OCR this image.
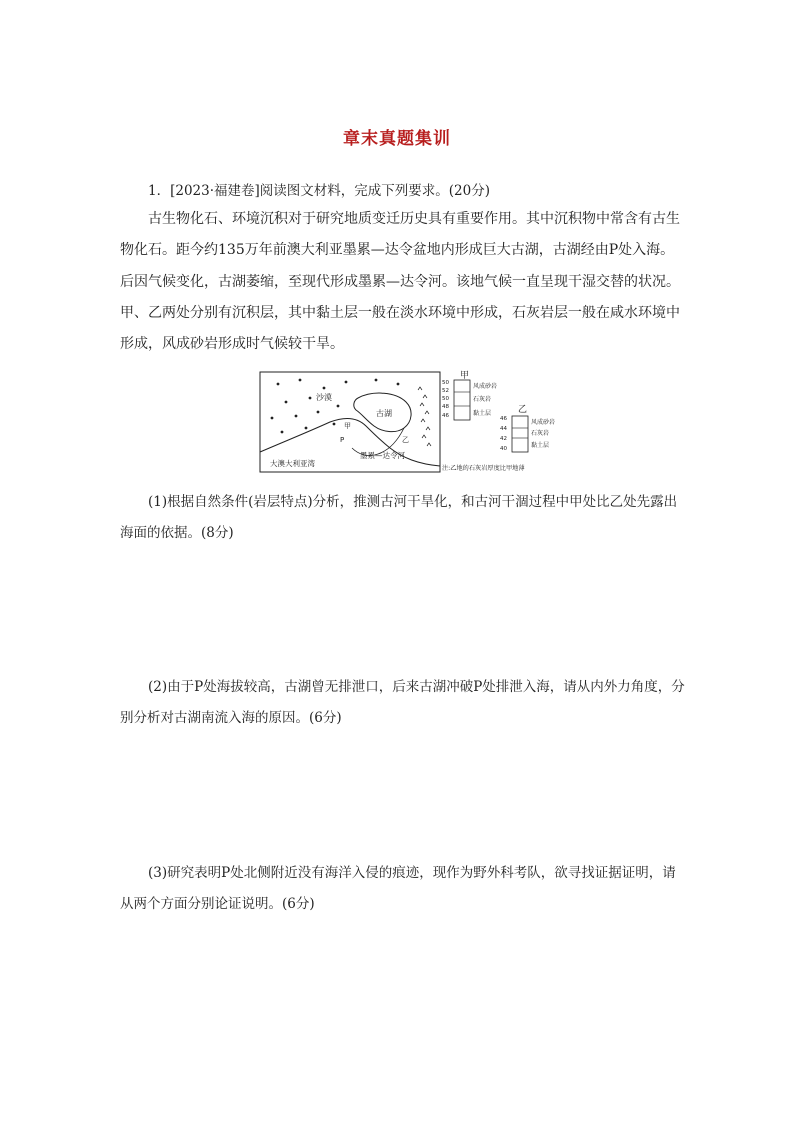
章末真题集训
1．[2023·福建卷]阅读图文材料，完成下列要求。(20分)
古生物化石、环境沉积对于研究地质变迁历史具有重要作用。其中沉积物中常含有古生物化石。距今约135万年前澳大利亚墨累—达令盆地内形成巨大古湖，古湖经由P处入海。后因气候变化，古湖萎缩，至现代形成墨累—达令河。该地气候一直呈现干湿交替的状况。甲、乙两处分别有沉积层，其中黏土层一般在淡水环境中形成，石灰岩层一般在咸水环境中形成，风成砂岩形成时气候较干旱。
沙漠
古湖
大澳大利亚湾
墨累—达令河
甲
P	乙
甲
50
52
50
48
46
风成砂岩
石灰岩
黏土层	乙
46
44
42
40
风成砂岩
石灰岩
黏土层
注:乙地的石灰岩厚度比甲地薄
(1)根据自然条件(岩层特点)分析，推测古河干旱化，和古河干涸过程中甲处比乙处先露出海面的依据。(8分)
(2)由于P处海拔较高，古湖曾无排泄口，后来古湖冲破P处排泄入海，请从内外力角度，分别分析对古湖南流入海的原因。(6分)
(3)研究表明P处北侧附近没有海洋入侵的痕迹，现作为野外科考队，欲寻找证据证明，请从两个方面分别论证说明。(6分)
